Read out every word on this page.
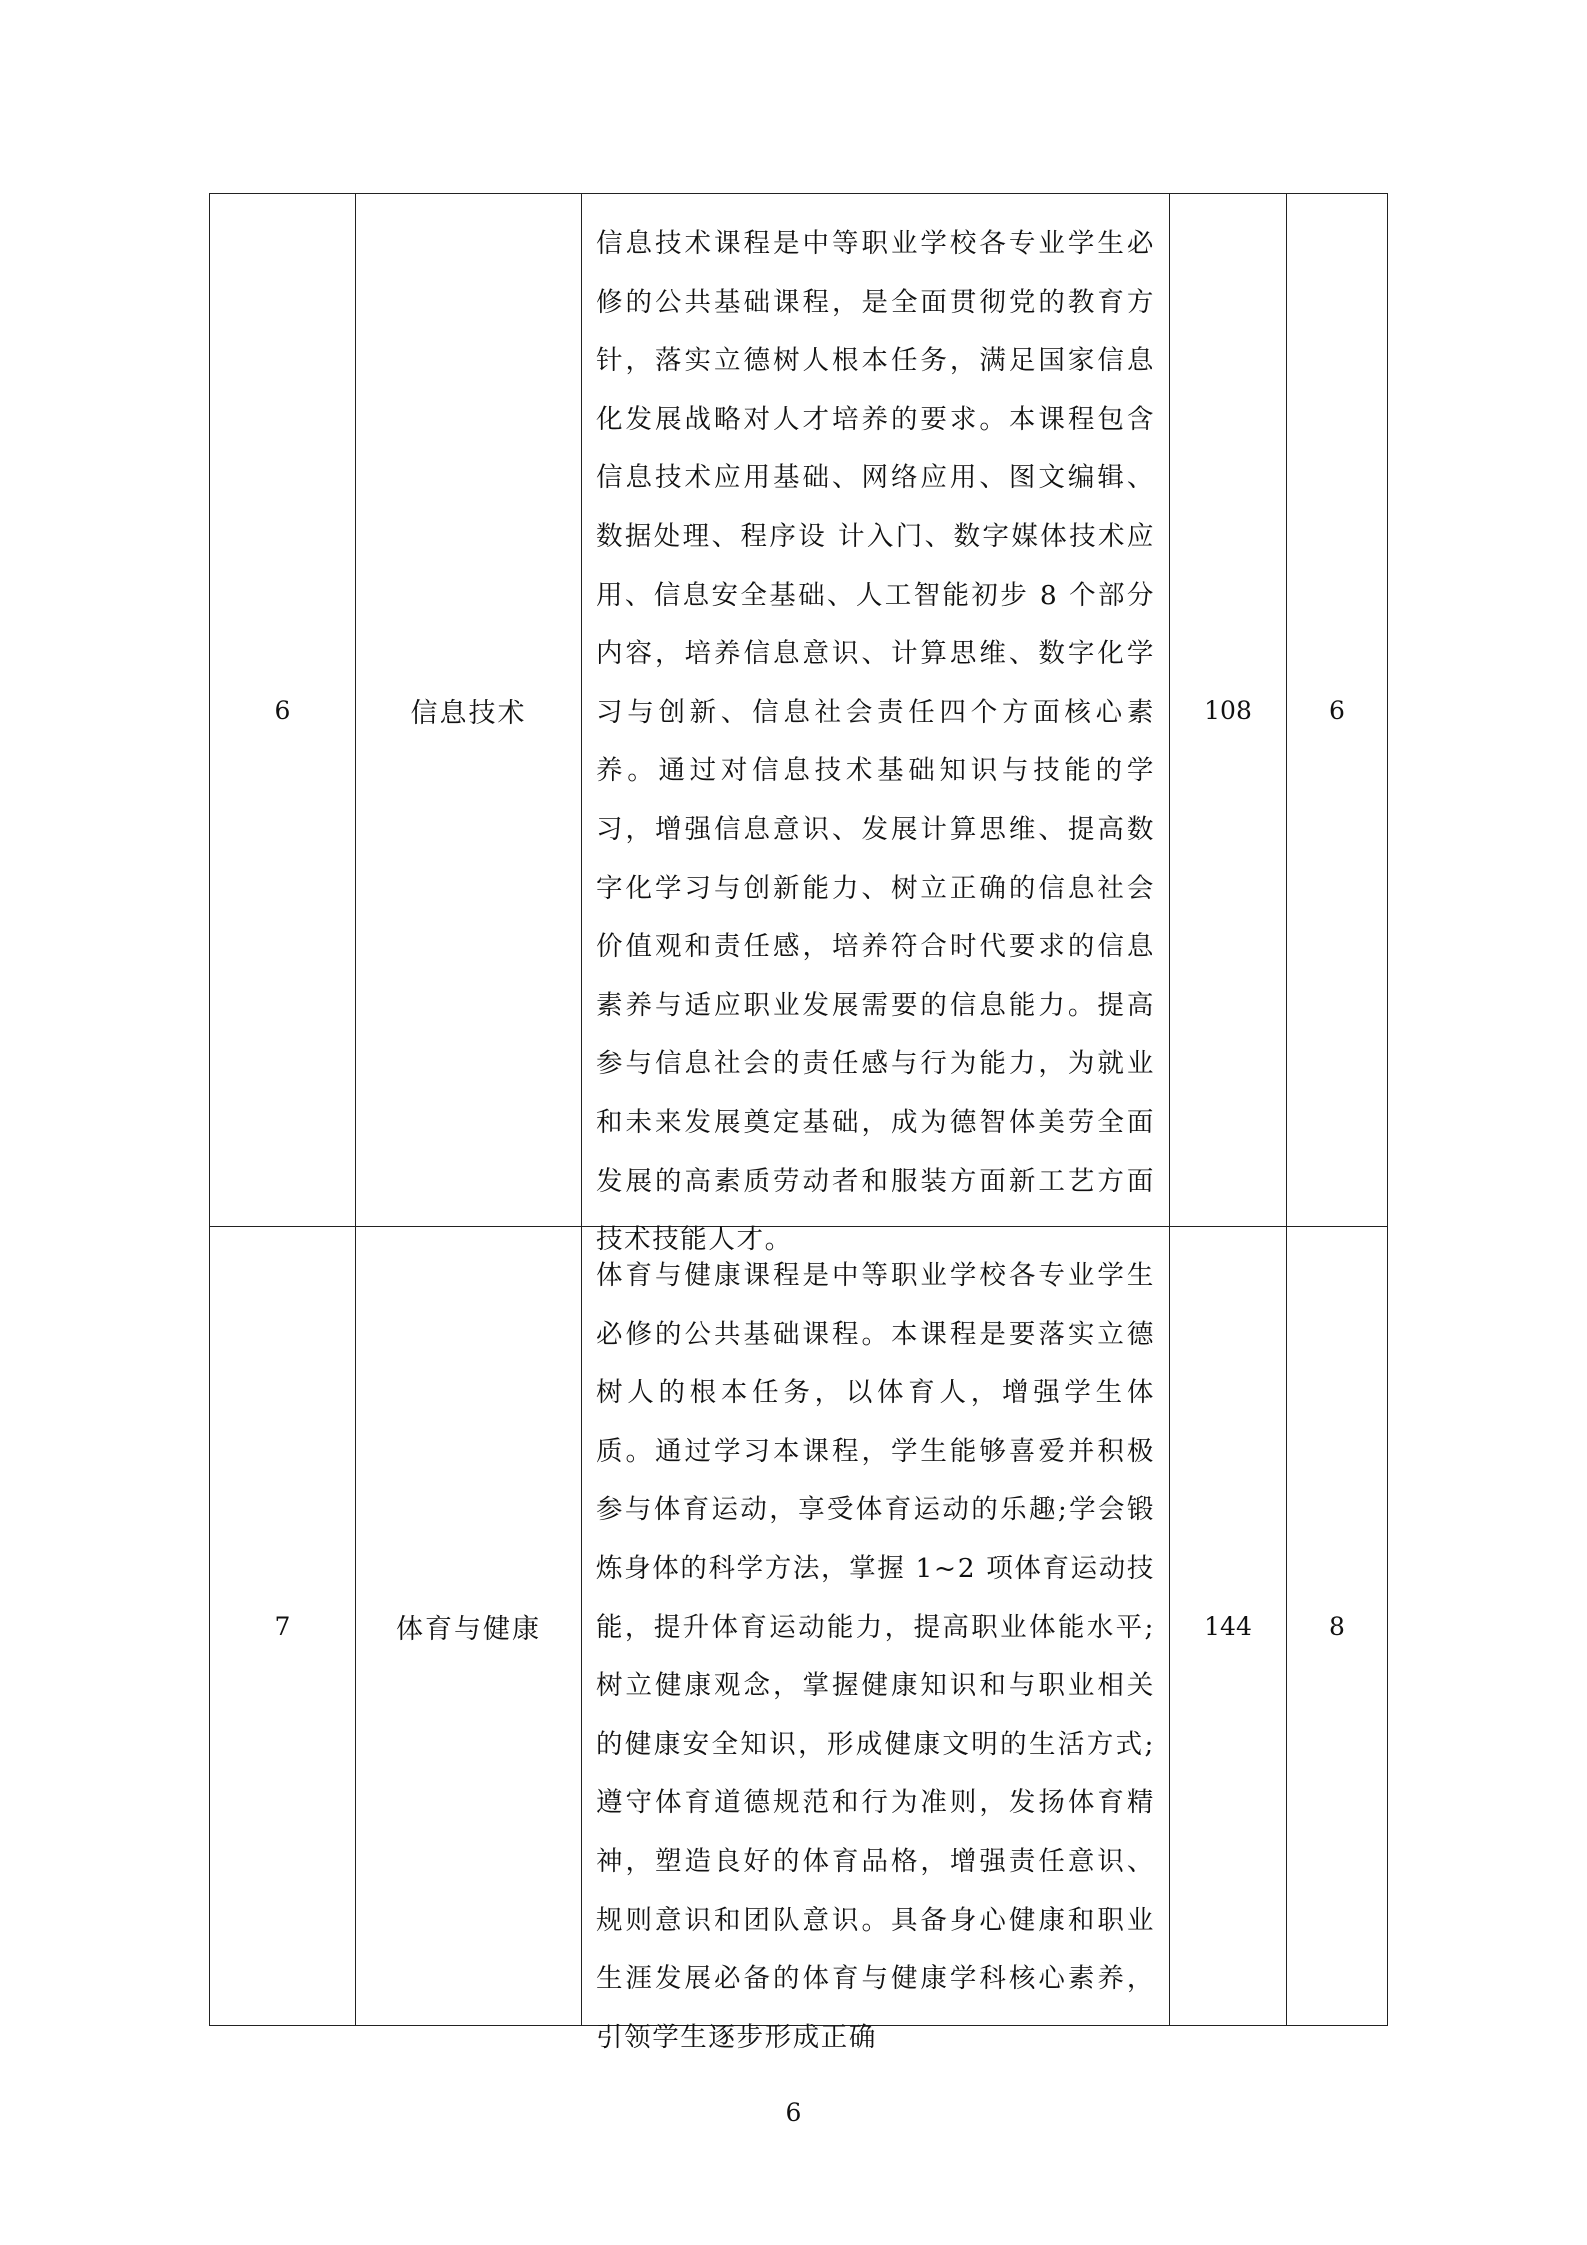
6	信息技术	信息技术课程是中等职业学校各专业学生必修的公共基础课程，是全面贯彻党的教育方针，落实立德树人根本任务，满足国家信息化发展战略对人才培养的要求。本课程包含信息技术应用基础、网络应用、图文编辑、数据处理、程序设 计入门、数字媒体技术应用、信息安全基础、人工智能初步 8 个部分内容，培养信息意识、计算思维、数字化学习与创新、信息社会责任四个方面核心素养。通过对信息技术基础知识与技能的学习，增强信息意识、发展计算思维、提高数字化学习与创新能力、树立正确的信息社会价值观和责任感，培养符合时代要求的信息素养与适应职业发展需要的信息能力。提高参与信息社会的责任感与行为能力，为就业和未来发展奠定基础，成为德智体美劳全面发展的高素质劳动者和服装方面新工艺方面技术技能人才。	108	6
7	体育与健康	体育与健康课程是中等职业学校各专业学生必修的公共基础课程。本课程是要落实立德树人的根本任务，以体育人，增强学生体质。通过学习本课程，学生能够喜爱并积极参与体育运动，享受体育运动的乐趣;学会锻炼身体的科学方法，掌握 1~2 项体育运动技能，提升体育运动能力，提高职业体能水平;树立健康观念，掌握健康知识和与职业相关的健康安全知识，形成健康文明的生活方式;遵守体育道德规范和行为准则，发扬体育精神，塑造良好的体育品格，增强责任意识、规则意识和团队意识。具备身心健康和职业生涯发展必备的体育与健康学科核心素养，引领学生逐步形成正确	144	8
6
